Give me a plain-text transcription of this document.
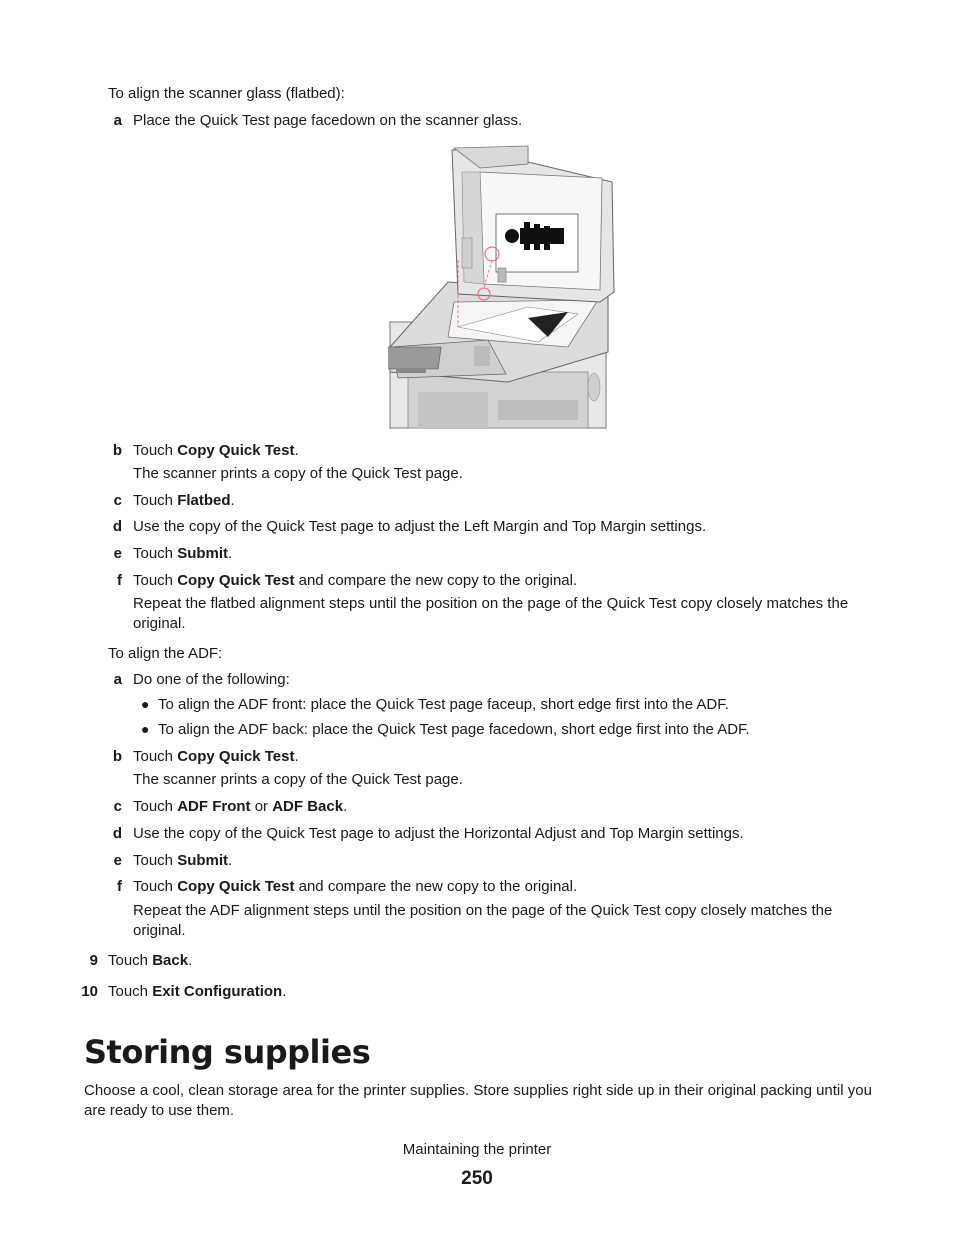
To align the scanner glass (flatbed):
a Place the Quick Test page facedown on the scanner glass.
b Touch Copy Quick Test.
The scanner prints a copy of the Quick Test page.
c Touch Flatbed.
d Use the copy of the Quick Test page to adjust the Left Margin and Top Margin settings.
e Touch Submit.
f Touch Copy Quick Test and compare the new copy to the original.
Repeat the flatbed alignment steps until the position on the page of the Quick Test copy closely matches the original.
To align the ADF:
a Do one of the following:
● To align the ADF front: place the Quick Test page faceup, short edge first into the ADF.
● To align the ADF back: place the Quick Test page facedown, short edge first into the ADF.
b Touch Copy Quick Test.
The scanner prints a copy of the Quick Test page.
c Touch ADF Front or ADF Back.
d Use the copy of the Quick Test page to adjust the Horizontal Adjust and Top Margin settings.
e Touch Submit.
f Touch Copy Quick Test and compare the new copy to the original.
Repeat the ADF alignment steps until the position on the page of the Quick Test copy closely matches the original.
9 Touch Back.
10 Touch Exit Configuration.
Storing supplies
Choose a cool, clean storage area for the printer supplies. Store supplies right side up in their original packing until you are ready to use them.
Maintaining the printer
250
